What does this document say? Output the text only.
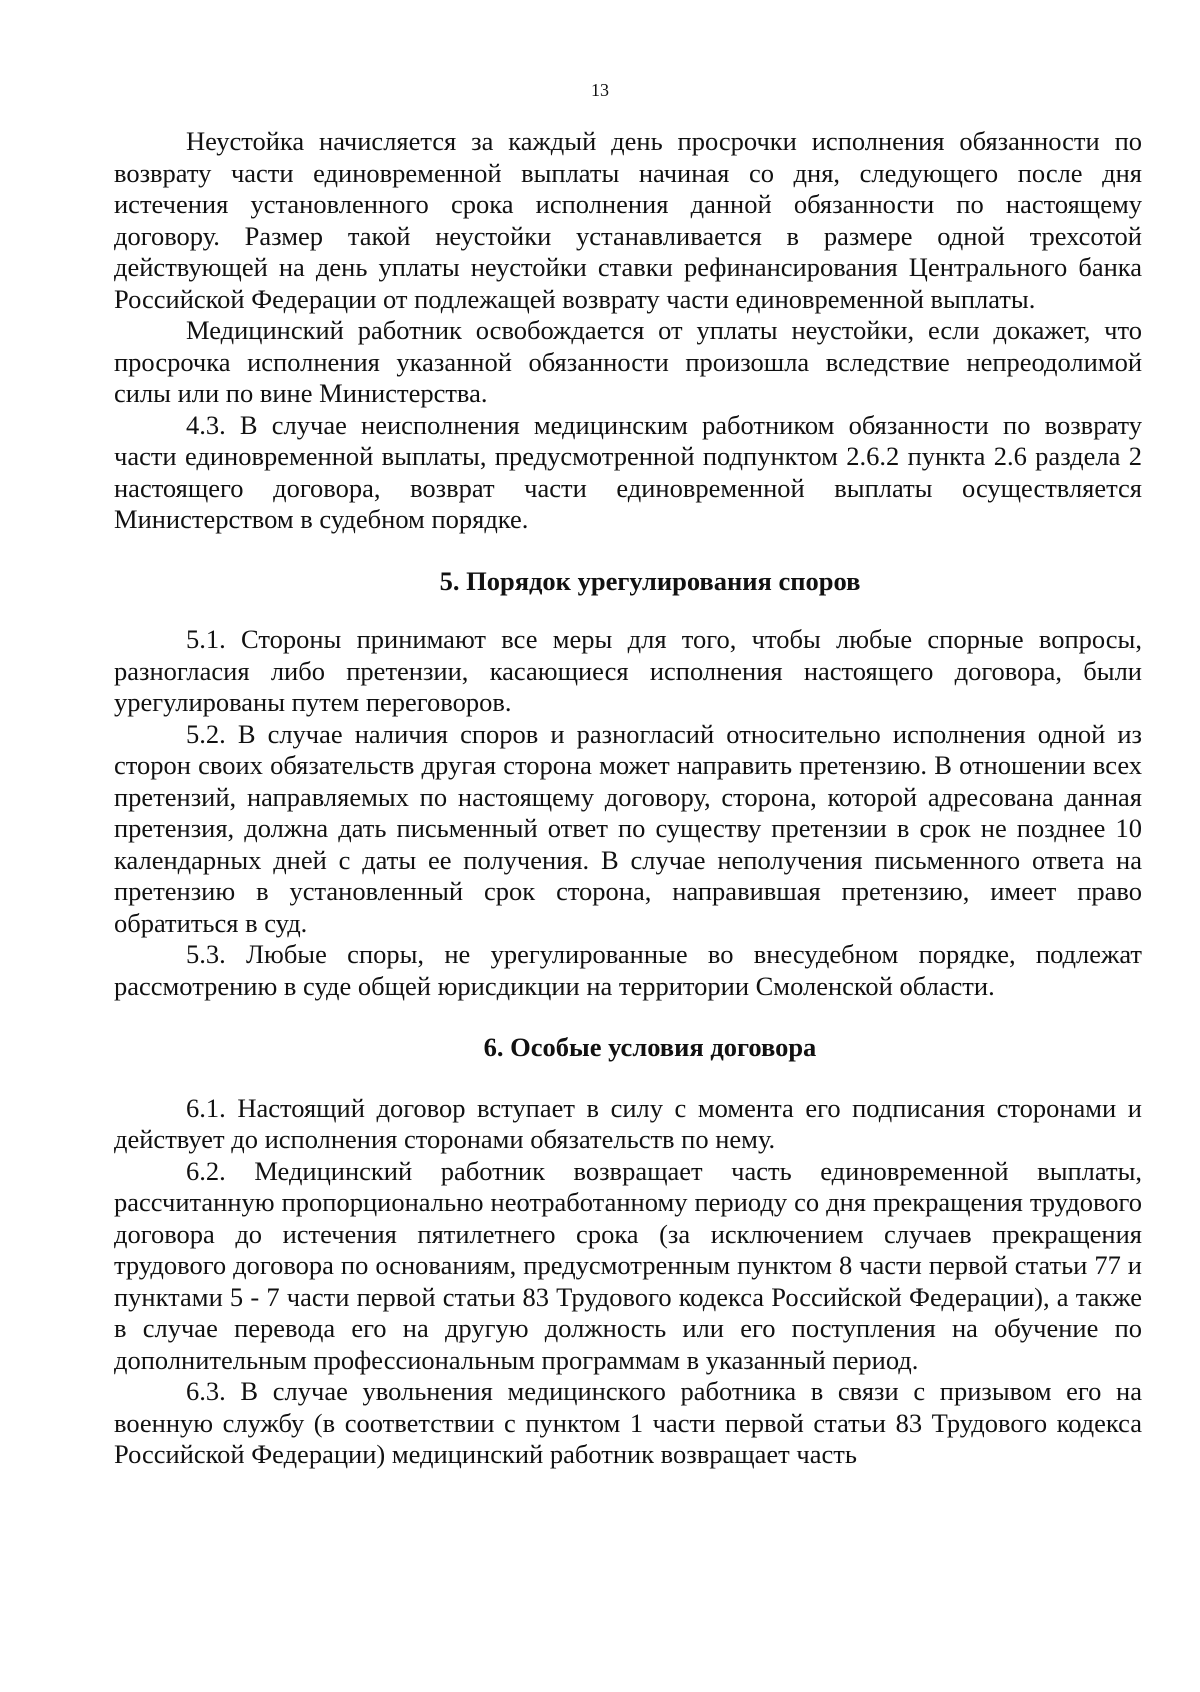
13

Неустойка начисляется за каждый день просрочки исполнения обязанности по возврату части единовременной выплаты начиная со дня, следующего после дня истечения установленного срока исполнения данной обязанности по настоящему договору. Размер такой неустойки устанавливается в размере одной трехсотой действующей на день уплаты неустойки ставки рефинансирования Центрального банка Российской Федерации от подлежащей возврату части единовременной выплаты.

Медицинский работник освобождается от уплаты неустойки, если докажет, что просрочка исполнения указанной обязанности произошла вследствие непреодолимой силы или по вине Министерства.

4.3. В случае неисполнения медицинским работником обязанности по возврату части единовременной выплаты, предусмотренной подпунктом 2.6.2 пункта 2.6 раздела 2 настоящего договора, возврат части единовременной выплаты осуществляется Министерством в судебном порядке.

5. Порядок урегулирования споров

5.1. Стороны принимают все меры для того, чтобы любые спорные вопросы, разногласия либо претензии, касающиеся исполнения настоящего договора, были урегулированы путем переговоров.

5.2. В случае наличия споров и разногласий относительно исполнения одной из сторон своих обязательств другая сторона может направить претензию. В отношении всех претензий, направляемых по настоящему договору, сторона, которой адресована данная претензия, должна дать письменный ответ по существу претензии в срок не позднее 10 календарных дней с даты ее получения. В случае неполучения письменного ответа на претензию в установленный срок сторона, направившая претензию, имеет право обратиться в суд.

5.3. Любые споры, не урегулированные во внесудебном порядке, подлежат рассмотрению в суде общей юрисдикции на территории Смоленской области.

6. Особые условия договора

6.1. Настоящий договор вступает в силу с момента его подписания сторонами и действует до исполнения сторонами обязательств по нему.

6.2. Медицинский работник возвращает часть единовременной выплаты, рассчитанную пропорционально неотработанному периоду со дня прекращения трудового договора до истечения пятилетнего срока (за исключением случаев прекращения трудового договора по основаниям, предусмотренным пунктом 8 части первой статьи 77 и пунктами 5 - 7 части первой статьи 83 Трудового кодекса Российской Федерации), а также в случае перевода его на другую должность или его поступления на обучение по дополнительным профессиональным программам в указанный период.

6.3. В случае увольнения медицинского работника в связи с призывом его на военную службу (в соответствии с пунктом 1 части первой статьи 83 Трудового кодекса Российской Федерации) медицинский работник возвращает часть
